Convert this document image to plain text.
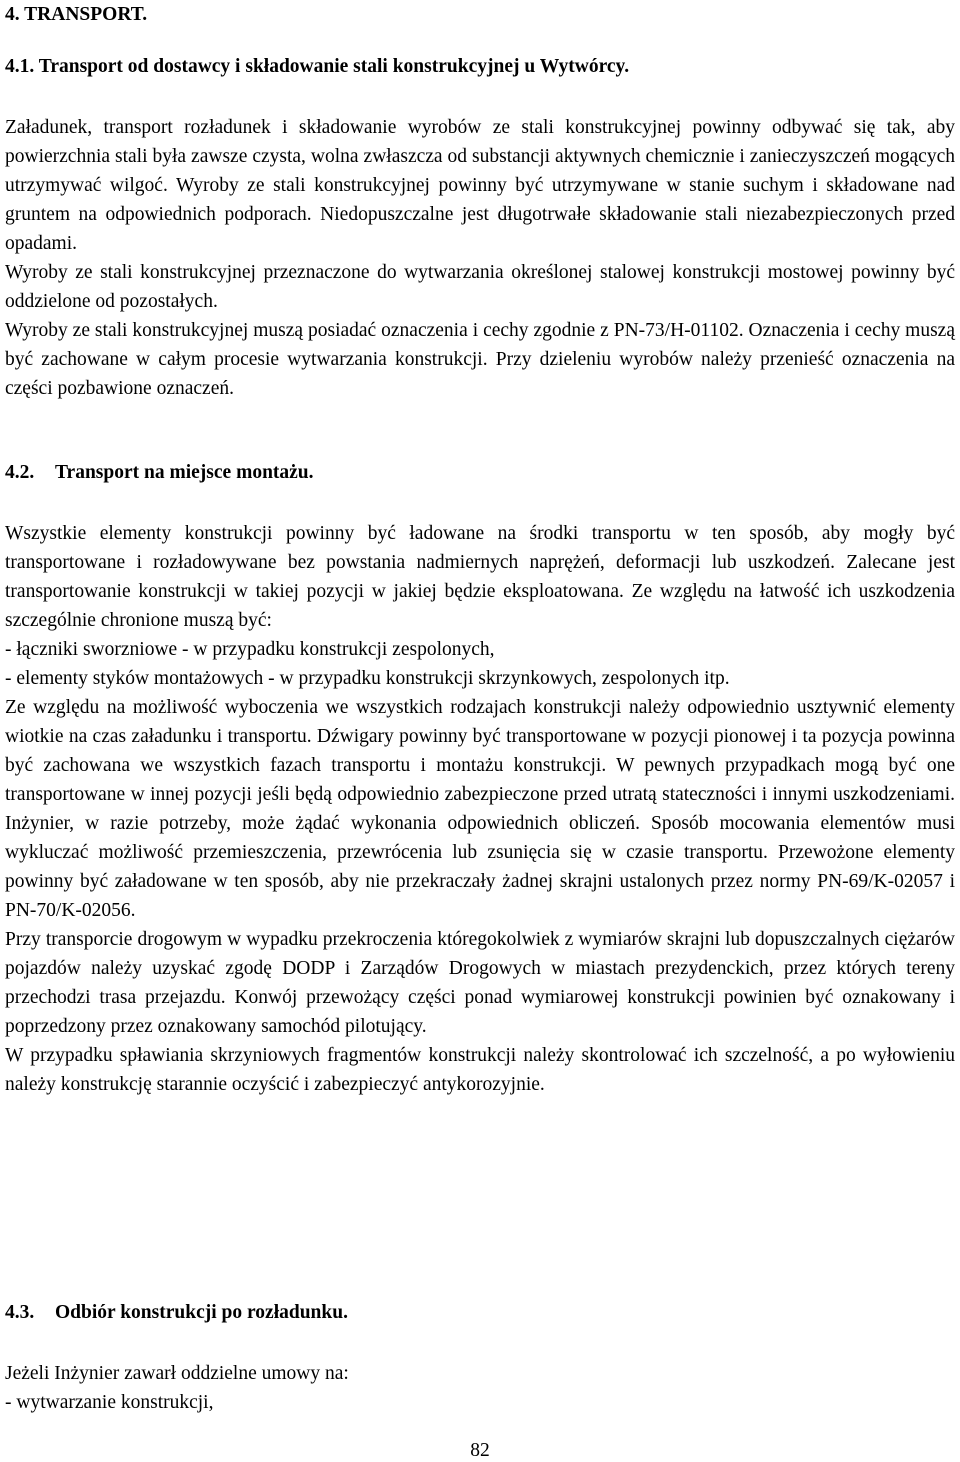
4. TRANSPORT.

4.1. Transport od dostawcy i składowanie stali konstrukcyjnej u Wytwórcy.

Załadunek, transport rozładunek i składowanie wyrobów ze stali konstrukcyjnej powinny odbywać się tak, aby powierzchnia stali była zawsze czysta, wolna zwłaszcza od substancji aktywnych chemicznie i zanieczyszczeń mogących utrzymywać wilgoć. Wyroby ze stali konstrukcyjnej powinny być utrzymywane w stanie suchym i składowane nad gruntem na odpowiednich podporach. Niedopuszczalne jest długotrwałe składowanie stali niezabezpieczonych przed opadami.

Wyroby ze stali konstrukcyjnej przeznaczone do wytwarzania określonej stalowej konstrukcji mostowej powinny być oddzielone od pozostałych.

Wyroby ze stali konstrukcyjnej muszą posiadać oznaczenia i cechy zgodnie z PN-73/H-01102. Oznaczenia i cechy muszą być zachowane w całym procesie wytwarzania konstrukcji. Przy dzieleniu wyrobów należy przenieść oznaczenia na części pozbawione oznaczeń.

4.2. Transport na miejsce montażu.

Wszystkie elementy konstrukcji powinny być ładowane na środki transportu w ten sposób, aby mogły być transportowane i rozładowywane bez powstania nadmiernych naprężeń, deformacji lub uszkodzeń. Zalecane jest transportowanie konstrukcji w takiej pozycji w jakiej będzie eksploatowana. Ze względu na łatwość ich uszkodzenia szczególnie chronione muszą być:

- łączniki sworzniowe - w przypadku konstrukcji zespolonych,

- elementy styków montażowych - w przypadku konstrukcji skrzynkowych, zespolonych itp.

Ze względu na możliwość wyboczenia we wszystkich rodzajach konstrukcji należy odpowiednio usztywnić elementy wiotkie na czas załadunku i transportu. Dźwigary powinny być transportowane w pozycji pionowej i ta pozycja powinna być zachowana we wszystkich fazach transportu i montażu konstrukcji. W pewnych przypadkach mogą być one transportowane w innej pozycji jeśli będą odpowiednio zabezpieczone przed utratą stateczności i innymi uszkodzeniami. Inżynier, w razie potrzeby, może żądać wykonania odpowiednich obliczeń. Sposób mocowania elementów musi wykluczać możliwość przemieszczenia, przewrócenia lub zsunięcia się w czasie transportu. Przewożone elementy powinny być załadowane w ten sposób, aby nie przekraczały żadnej skrajni ustalonych przez normy PN-69/K-02057 i PN-70/K-02056.

Przy transporcie drogowym w wypadku przekroczenia któregokolwiek z wymiarów skrajni lub dopuszczalnych ciężarów pojazdów należy uzyskać zgodę DODP i Zarządów Drogowych w miastach prezydenckich, przez których tereny przechodzi trasa przejazdu. Konwój przewożący części ponad wymiarowej konstrukcji powinien być oznakowany i poprzedzony przez oznakowany samochód pilotujący.

W przypadku spławiania skrzyniowych fragmentów konstrukcji należy skontrolować ich szczelność, a po wyłowieniu należy konstrukcję starannie oczyścić i zabezpieczyć antykorozyjnie.

4.3. Odbiór konstrukcji po rozładunku.

Jeżeli Inżynier zawarł oddzielne umowy na:

- wytwarzanie konstrukcji,

82
